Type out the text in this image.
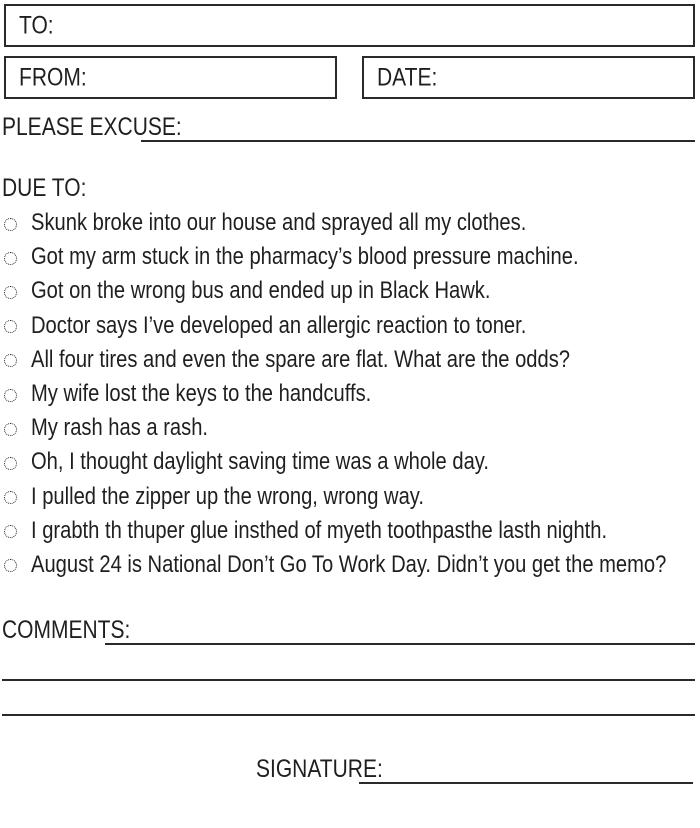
TO:
FROM:	DATE:
PLEASE EXCUSE:
DUE TO:
Skunk broke into our house and sprayed all my clothes.
Got my arm stuck in the pharmacy’s blood pressure machine.
Got on the wrong bus and ended up in Black Hawk.
Doctor says I’ve developed an allergic reaction to toner.
All four tires and even the spare are flat. What are the odds?
My wife lost the keys to the handcuffs.
My rash has a rash.
Oh, I thought daylight saving time was a whole day.
I pulled the zipper up the wrong, wrong way.
I grabth th thuper glue insthed of myeth toothpasthe lasth nighth.
August 24 is National Don’t Go To Work Day. Didn’t you get the memo?
COMMENTS:
SIGNATURE:
